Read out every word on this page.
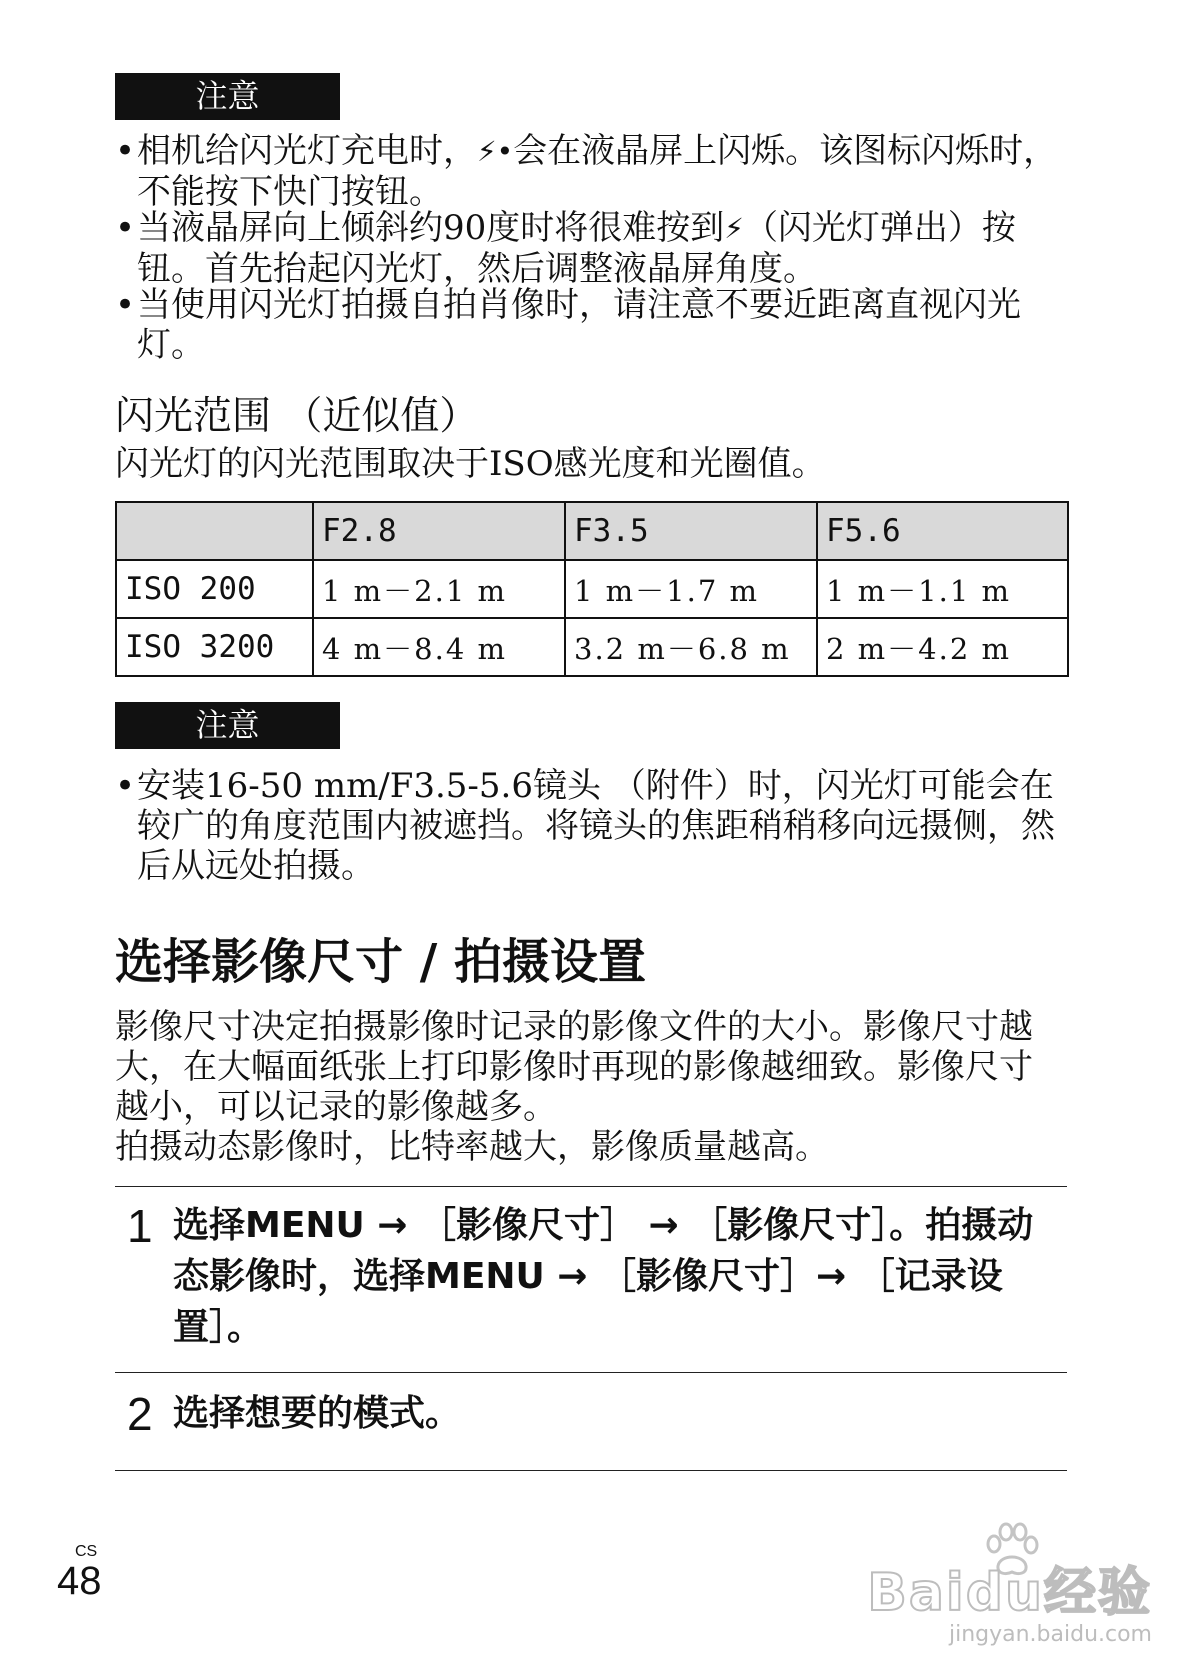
注意
• 相机给闪光灯充电时，⚡•会在液晶屏上闪烁。该图标闪烁时，不能按下快门按钮。
• 当液晶屏向上倾斜约90度时将很难按到⚡（闪光灯弹出）按钮。首先抬起闪光灯，然后调整液晶屏角度。
• 当使用闪光灯拍摄自拍肖像时，请注意不要近距离直视闪光灯。
闪光范围 （近似值）
闪光灯的闪光范围取决于ISO感光度和光圈值。
	F2.8	F3.5	F5.6
ISO 200	1 m－2.1 m	1 m－1.7 m	1 m－1.1 m
ISO 3200	4 m－8.4 m	3.2 m－6.8 m	2 m－4.2 m
注意
• 安装16-50 mm/F3.5-5.6镜头 （附件）时，闪光灯可能会在较广的角度范围内被遮挡。将镜头的焦距稍稍移向远摄侧，然后从远处拍摄。
选择影像尺寸 / 拍摄设置
影像尺寸决定拍摄影像时记录的影像文件的大小。影像尺寸越大，在大幅面纸张上打印影像时再现的影像越细致。影像尺寸越小，可以记录的影像越多。
拍摄动态影像时，比特率越大，影像质量越高。
1 选择MENU → ［影像尺寸］ → ［影像尺寸］。拍摄动态影像时，选择MENU → ［影像尺寸］→ ［记录设置］。
2 选择想要的模式。
CS
48	Baidu经验
jingyan.baidu.com
